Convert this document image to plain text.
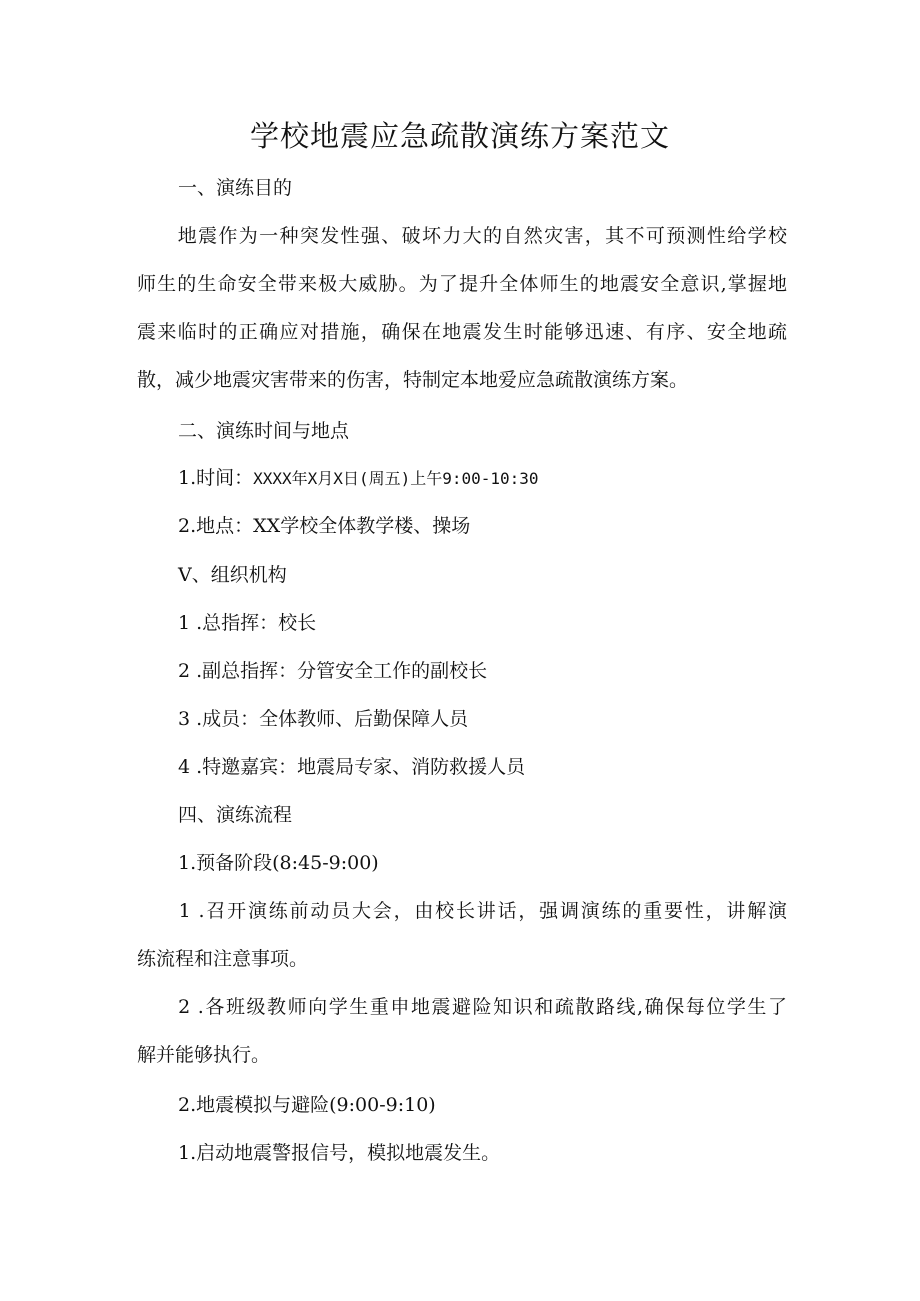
学校地震应急疏散演练方案范文
一、演练目的
　　地震作为一种突发性强、破坏力大的自然灾害，其不可预测性给学校
师生的生命安全带来极大威胁。为了提升全体师生的地震安全意识,掌握地
震来临时的正确应对措施，确保在地震发生时能够迅速、有序、安全地疏
散，减少地震灾害带来的伤害，特制定本地爱应急疏散演练方案。
二、演练时间与地点
1.时间：XXXX年X月X日(周五)上午9:00-10:30
2.地点：XX学校全体教学楼、操场
V、组织机构
1 .总指挥：校长
2 .副总指挥：分管安全工作的副校长
3 .成员：全体教师、后勤保障人员
4 .特邀嘉宾：地震局专家、消防救援人员
四、演练流程
1.预备阶段(8:45-9:00)
　　1 .召开演练前动员大会，由校长讲话，强调演练的重要性，讲解演
练流程和注意事项。
　　2 .各班级教师向学生重申地震避险知识和疏散路线,确保每位学生了
解并能够执行。
2.地震模拟与避险(9:00-9:10)
1.启动地震警报信号，模拟地震发生。
